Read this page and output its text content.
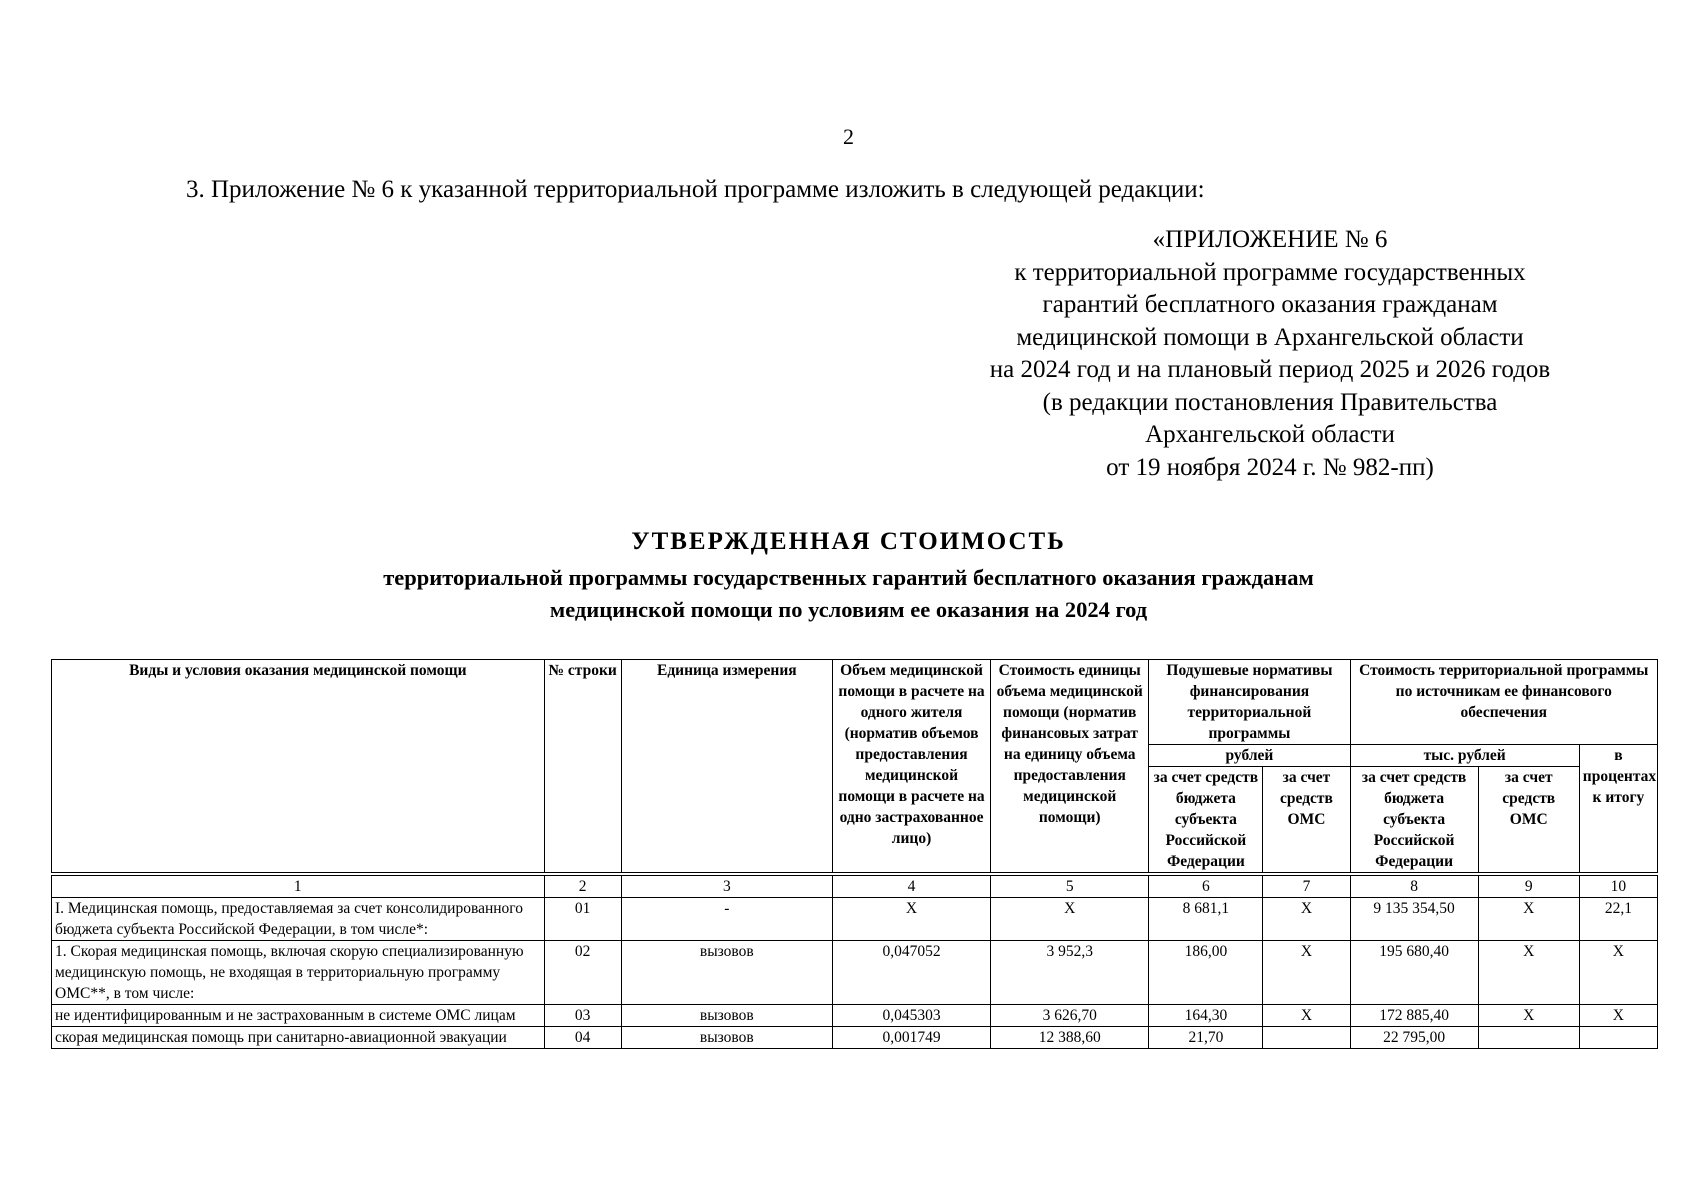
2
3. Приложение № 6 к указанной территориальной программе изложить в следующей редакции:
«ПРИЛОЖЕНИЕ № 6
к территориальной программе государственных
гарантий бесплатного оказания гражданам
медицинской помощи в Архангельской области
на 2024 год и на плановый период 2025 и 2026 годов
(в редакции постановления Правительства
Архангельской области
от 19 ноября 2024 г. № 982-пп)
УТВЕРЖДЕННАЯ СТОИМОСТЬ
территориальной программы государственных гарантий бесплатного оказания гражданам
медицинской помощи по условиям ее оказания на 2024 год
Виды и условия оказания медицинской помощи	№ строки	Единица измерения	Объем медицинской помощи в расчете на одного жителя (норматив объемов предоставления медицинской помощи в расчете на одно застрахованное лицо)	Стоимость единицы объема медицинской помощи (норматив финансовых затрат на единицу объема предоставления медицинской помощи)	Подушевые нормативы финансирования территориальной программы		Стоимость территориальной программы по источникам ее финансового обеспечения		
					рублей		тыс. рублей		в процентах к итогу
					за счет средств бюджета субъекта Российской Федерации	за счет средств ОМС	за счет средств бюджета субъекта Российской Федерации	за счет средств ОМС	
1	2	3	4	5	6	7	8	9	10
I. Медицинская помощь, предоставляемая за счет консолидированного бюджета субъекта Российской Федерации, в том числе*:	01	-	X	X	8 681,1	X	9 135 354,50	X	22,1
1. Скорая медицинская помощь, включая скорую специализированную медицинскую помощь, не входящая в территориальную программу ОМС**, в том числе:	02	вызовов	0,047052	3 952,3	186,00	X	195 680,40	X	X
не идентифицированным и не застрахованным в системе ОМС лицам	03	вызовов	0,045303	3 626,70	164,30	X	172 885,40	X	X
скорая медицинская помощь при санитарно-авиационной эвакуации	04	вызовов	0,001749	12 388,60	21,70		22 795,00		
